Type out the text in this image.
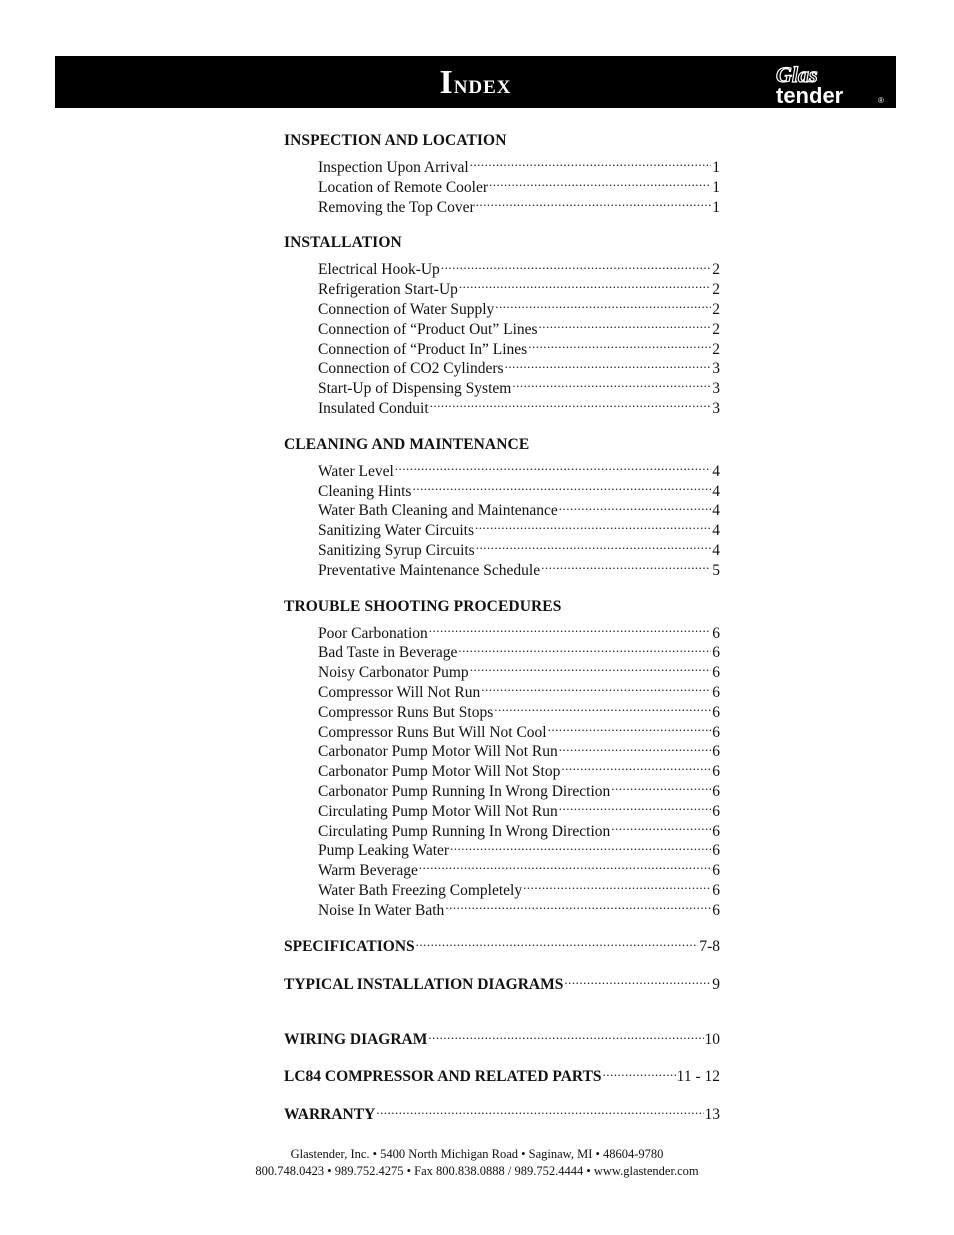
Index	Glas
tender	®
INSPECTION AND LOCATION
Inspection Upon Arrival .....	1
Location of Remote Cooler .....	1
Removing the Top Cover .....	1
INSTALLATION
Electrical Hook-Up .....	2
Refrigeration Start-Up .....	2
Connection of Water Supply .....	2
Connection of “Product Out” Lines .....	2
Connection of “Product In” Lines .....	2
Connection of CO2 Cylinders .....	3
Start-Up of Dispensing System .....	3
Insulated Conduit .....	3
CLEANING AND MAINTENANCE
Water Level .....	4
Cleaning Hints .....	4
Water Bath Cleaning and Maintenance .....	4
Sanitizing Water Circuits .....	4
Sanitizing Syrup Circuits .....	4
Preventative Maintenance Schedule .....	5
TROUBLE SHOOTING PROCEDURES
Poor Carbonation .....	6
Bad Taste in Beverage .....	6
Noisy Carbonator Pump .....	6
Compressor Will Not Run .....	6
Compressor Runs But Stops .....	6
Compressor Runs But Will Not Cool .....	6
Carbonator Pump Motor Will Not Run .....	6
Carbonator Pump Motor Will Not Stop .....	6
Carbonator Pump Running In Wrong Direction .....	6
Circulating Pump Motor Will Not Run .....	6
Circulating Pump Running In Wrong Direction .....	6
Pump Leaking Water .....	6
Warm Beverage .....	6
Water Bath Freezing Completely .....	6
Noise In Water Bath .....	6
SPECIFICATIONS .....	7-8
TYPICAL INSTALLATION DIAGRAMS .....	9
WIRING DIAGRAM .....	10
LC84 COMPRESSOR AND RELATED PARTS .....	11 - 12
WARRANTY .....	13
Glastender, Inc. • 5400 North Michigan Road • Saginaw, MI • 48604-9780
800.748.0423 • 989.752.4275 • Fax 800.838.0888 / 989.752.4444 • www.glastender.com
